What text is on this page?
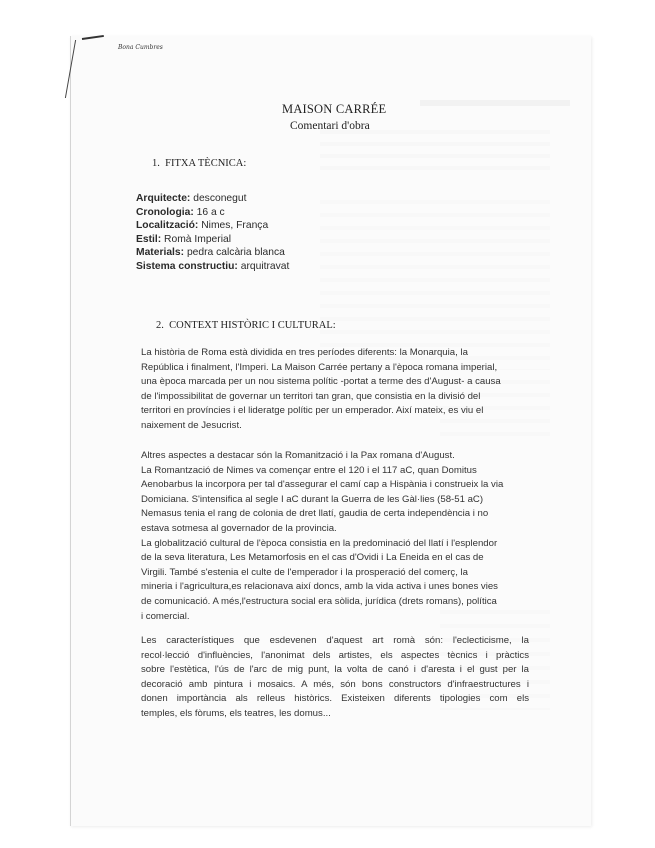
Bona Cumbres
MAISON CARRÉE
Comentari d'obra
1. FITXA TÈCNICA:
Arquitecte: desconegut
Cronologia: 16 a c
Localització: Nimes, França
Estil: Romà Imperial
Materials: pedra calcària blanca
Sistema constructiu: arquitravat
2. CONTEXT HISTÒRIC I CULTURAL:
La història de Roma està dividida en tres períodes diferents: la Monarquia, la
República i finalment, l'Imperi. La Maison Carrée pertany a l'època romana imperial,
una època marcada per un nou sistema polític -portat a terme des d'August- a causa
de l'impossibilitat de governar un territori tan gran, que consistia en la divisió del
territori en províncies i el lideratge polític per un emperador. Així mateix, es viu el
naixement de Jesucrist.
Altres aspectes a destacar són la Romanització i la Pax romana d'August.
La Romantzació de Nimes va començar entre el 120 i el 117 aC, quan Domitus
Aenobarbus la incorpora per tal d'assegurar el camí cap a Hispània i construeix la via
Domiciana. S'intensifica al segle I aC durant la Guerra de les Gàl·lies (58-51 aC)
Nemasus tenia el rang de colonia de dret llatí, gaudia de certa independència i no
estava sotmesa al governador de la provincia.
La globalització cultural de l'època consistia en la predominació del llatí i l'esplendor
de la seva literatura, Les Metamorfosis en el cas d'Ovidi i La Eneida en el cas de
Virgili. També s'estenia el culte de l'emperador i la prosperació del comerç, la
mineria i l'agricultura,es relacionava així doncs, amb la vida activa i unes bones vies
de comunicació. A més,l'estructura social era sòlida, jurídica (drets romans), política
i comercial.
Les característiques que esdevenen d'aquest art romà són: l'eclecticisme, la
recol·lecció d'influències, l'anonimat dels artistes, els aspectes tècnics i pràctics
sobre l'estètica, l'ús de l'arc de mig punt, la volta de canó i d'aresta i el gust per la
decoració amb pintura i mosaics. A més, són bons constructors d'infraestructures i
donen importància als relleus històrics. Existeixen diferents tipologies com els
temples, els fòrums, els teatres, les domus...
